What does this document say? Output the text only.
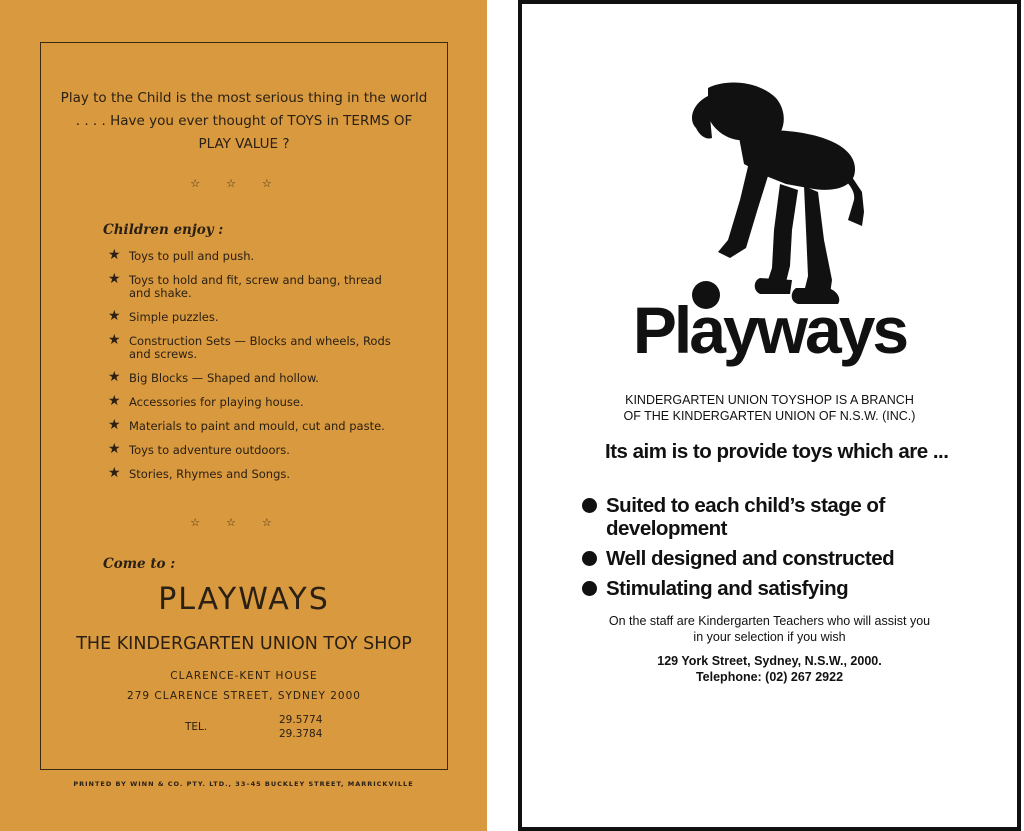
Play to the Child is the most serious thing in the world
. . . . Have you ever thought of TOYS in TERMS OF
PLAY VALUE ?
☆☆☆
Children enjoy :
★ Toys to pull and push.
★ Toys to hold and fit, screw and bang, thread
and shake.
★ Simple puzzles.
★ Construction Sets — Blocks and wheels, Rods
and screws.
★ Big Blocks — Shaped and hollow.
★ Accessories for playing house.
★ Materials to paint and mould, cut and paste.
★ Toys to adventure outdoors.
★ Stories, Rhymes and Songs.
☆☆☆
Come to :
PLAYWAYS
THE KINDERGARTEN UNION TOY SHOP
CLARENCE-KENT HOUSE
279 CLARENCE STREET, SYDNEY 2000
TEL.
29.5774
29.3784
PRINTED BY WINN & CO. PTY. LTD., 33–45 BUCKLEY STREET, MARRICKVILLE
Playways
KINDERGARTEN UNION TOYSHOP IS A BRANCH
OF THE KINDERGARTEN UNION OF N.S.W. (INC.)
Its aim is to provide toys which are ...
Suited to each child’s stage of development
Well designed and constructed
Stimulating and satisfying
On the staff are Kindergarten Teachers who will assist you
in your selection if you wish
129 York Street, Sydney, N.S.W., 2000.
Telephone: (02) 267 2922
